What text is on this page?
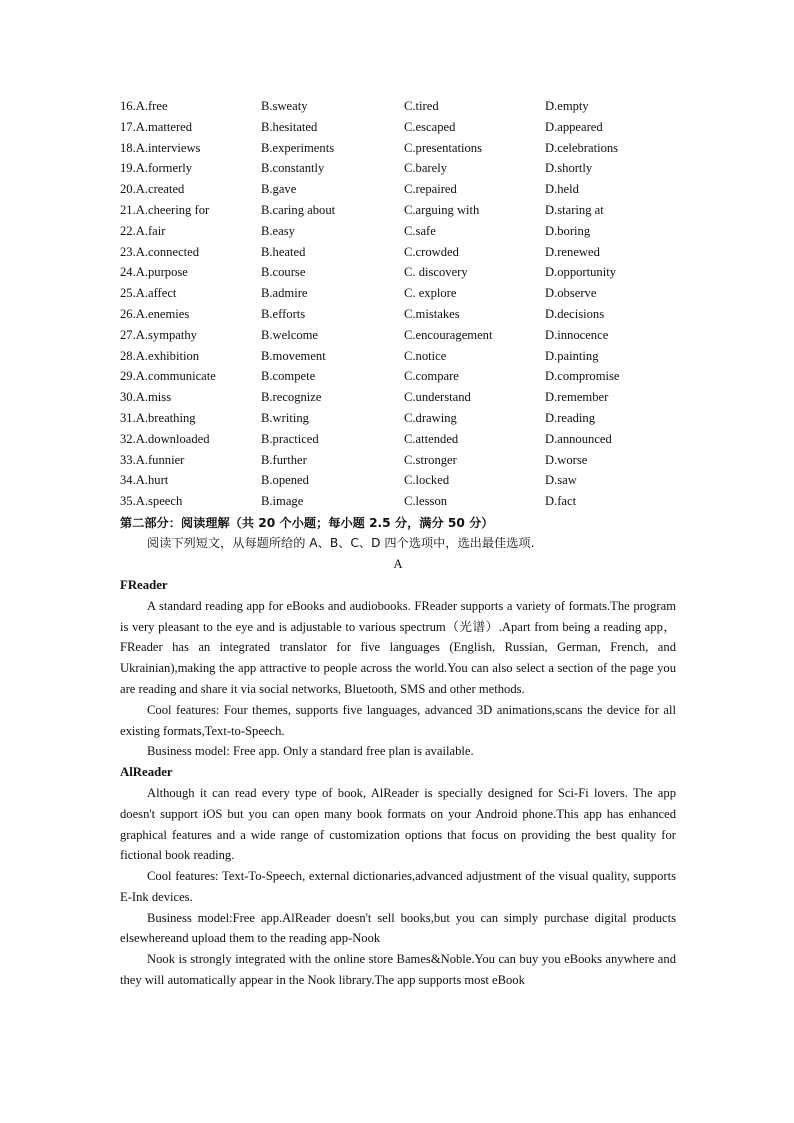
16.A.free	B.sweaty	C.tired	D.empty
17.A.mattered	B.hesitated	C.escaped	D.appeared
18.A.interviews	B.experiments	C.presentations	D.celebrations
19.A.formerly	B.constantly	C.barely	D.shortly
20.A.created	B.gave	C.repaired	D.held
21.A.cheering for	B.caring about	C.arguing with	D.staring at
22.A.fair	B.easy	C.safe	D.boring
23.A.connected	B.heated	C.crowded	D.renewed
24.A.purpose	B.course	C. discovery	D.opportunity
25.A.affect	B.admire	C. explore	D.observe
26.A.enemies	B.efforts	C.mistakes	D.decisions
27.A.sympathy	B.welcome	C.encouragement	D.innocence
28.A.exhibition	B.movement	C.notice	D.painting
29.A.communicate	B.compete	C.compare	D.compromise
30.A.miss	B.recognize	C.understand	D.remember
31.A.breathing	B.writing	C.drawing	D.reading
32.A.downloaded	B.practiced	C.attended	D.announced
33.A.funnier	B.further	C.stronger	D.worse
34.A.hurt	B.opened	C.locked	D.saw
35.A.speech	B.image	C.lesson	D.fact
第二部分：阅读理解（共 20 个小题；每小题 2.5 分，满分 50 分）
阅读下列短文，从每题所给的 A、B、C、D 四个选项中，选出最佳选项.
A
FReader

A standard reading app for eBooks and audiobooks. FReader supports a variety of formats.The program is very pleasant to the eye and is adjustable to various spectrum（光谱）.Apart from being a reading app，FReader has an integrated translator for five languages (English, Russian, German, French, and Ukrainian),making the app attractive to people across the world.You can also select a section of the page you are reading and share it via social networks, Bluetooth, SMS and other methods.

Cool features: Four themes, supports five languages, advanced 3D animations,scans the device for all existing formats,Text-to-Speech.

Business model: Free app. Only a standard free plan is available.

AlReader

Although it can read every type of book, AlReader is specially designed for Sci-Fi lovers. The app doesn't support iOS but you can open many book formats on your Android phone.This app has enhanced graphical features and a wide range of customization options that focus on providing the best quality for fictional book reading.

Cool features: Text-To-Speech, external dictionaries,advanced adjustment of the visual quality, supports E-Ink devices.

Business model:Free app.AlReader doesn't sell books,but you can simply purchase digital products elsewhereand upload them to the reading app-Nook

Nook is strongly integrated with the online store Bames&Noble.You can buy you eBooks anywhere and they will automatically appear in the Nook library.The app supports most eBook
